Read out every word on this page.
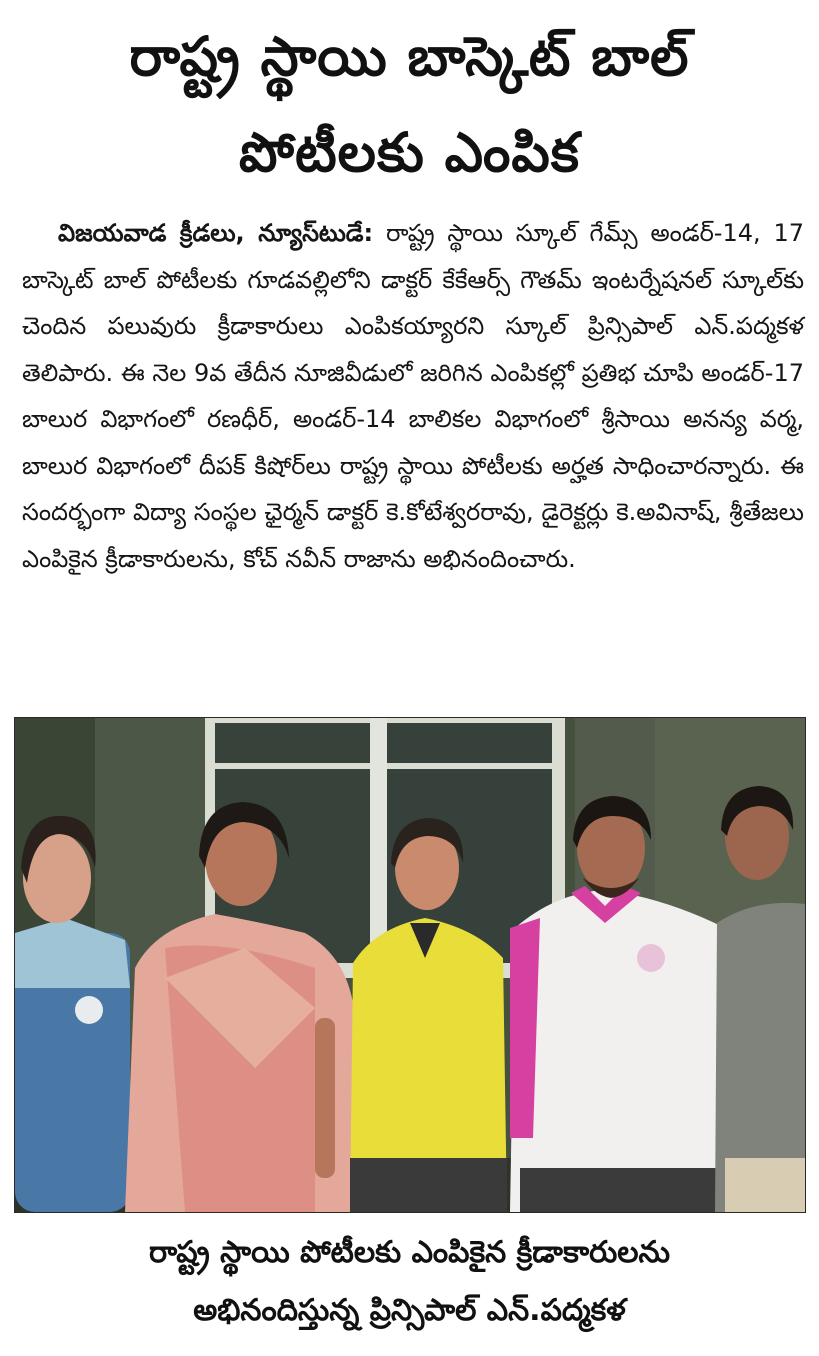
రాష్ట్ర స్థాయి బాస్కెట్ బాల్
పోటీలకు ఎంపిక
విజయవాడ క్రీడలు, న్యూస్‌టుడే: రాష్ట్ర స్థాయి స్కూల్ గేమ్స్ అండర్-14, 17 బాస్కెట్ బాల్ పోటీలకు గూడవల్లిలోని డాక్టర్ కేకేఆర్స్ గౌతమ్ ఇంటర్నేషనల్ స్కూల్‌కు చెందిన పలువురు క్రీడాకారులు ఎంపికయ్యారని స్కూల్ ప్రిన్సిపాల్ ఎన్.పద్మకళ తెలిపారు. ఈ నెల 9వ తేదీన నూజివీడులో జరిగిన ఎంపికల్లో ప్రతిభ చూపి అండర్-17 బాలుర విభాగంలో రణధీర్, అండర్-14 బాలికల విభాగంలో శ్రీసాయి అనన్య వర్మ, బాలుర విభాగంలో దీపక్ కిషోర్‌లు రాష్ట్ర స్థాయి పోటీలకు అర్హత సాధించారన్నారు. ఈ సందర్భంగా విద్యా సంస్థల ఛైర్మన్ డాక్టర్ కె.కోటేశ్వరరావు, డైరెక్టర్లు కె.అవినాష్, శ్రీతేజలు ఎంపికైన క్రీడాకారులను, కోచ్ నవీన్ రాజాను అభినందించారు.
రాష్ట్ర స్థాయి పోటీలకు ఎంపికైన క్రీడాకారులను
అభినందిస్తున్న ప్రిన్సిపాల్ ఎన్.పద్మకళ
